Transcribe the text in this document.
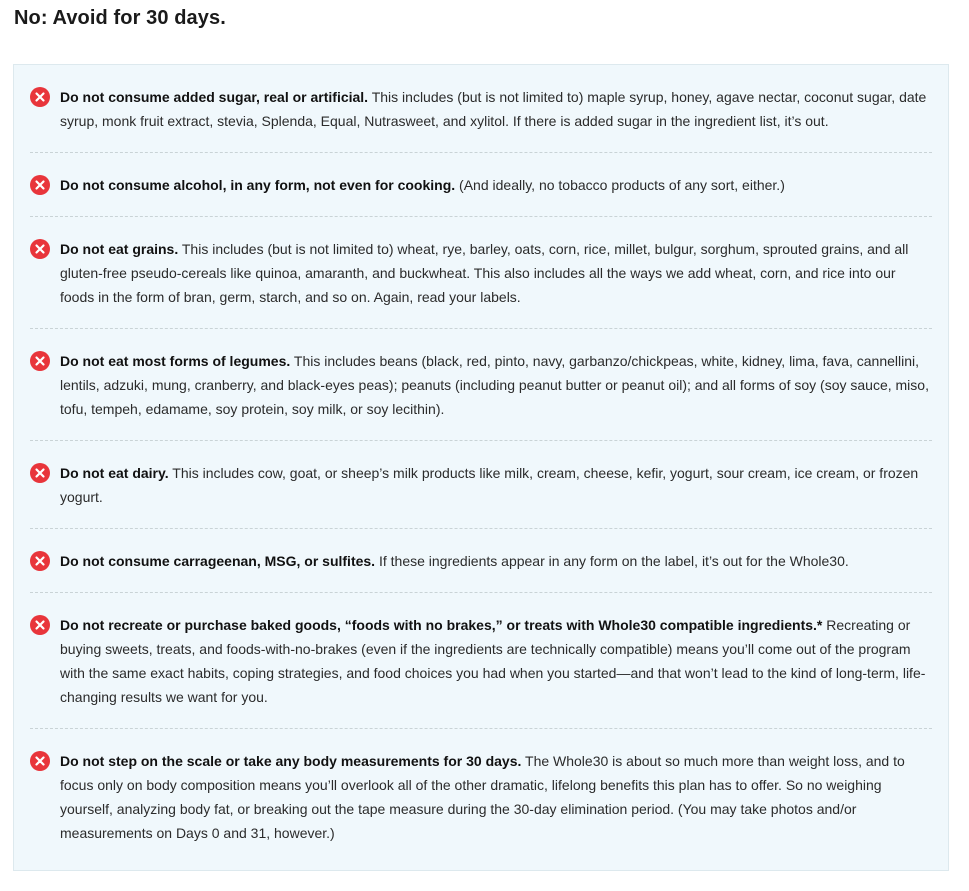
No: Avoid for 30 days.
Do not consume added sugar, real or artificial. This includes (but is not limited to) maple syrup, honey, agave nectar, coconut sugar, date syrup, monk fruit extract, stevia, Splenda, Equal, Nutrasweet, and xylitol. If there is added sugar in the ingredient list, it’s out.
Do not consume alcohol, in any form, not even for cooking. (And ideally, no tobacco products of any sort, either.)
Do not eat grains. This includes (but is not limited to) wheat, rye, barley, oats, corn, rice, millet, bulgur, sorghum, sprouted grains, and all gluten-free pseudo-cereals like quinoa, amaranth, and buckwheat. This also includes all the ways we add wheat, corn, and rice into our foods in the form of bran, germ, starch, and so on. Again, read your labels.
Do not eat most forms of legumes. This includes beans (black, red, pinto, navy, garbanzo/chickpeas, white, kidney, lima, fava, cannellini, lentils, adzuki, mung, cranberry, and black-eyes peas); peanuts (including peanut butter or peanut oil); and all forms of soy (soy sauce, miso, tofu, tempeh, edamame, soy protein, soy milk, or soy lecithin).
Do not eat dairy. This includes cow, goat, or sheep’s milk products like milk, cream, cheese, kefir, yogurt, sour cream, ice cream, or frozen yogurt.
Do not consume carrageenan, MSG, or sulfites. If these ingredients appear in any form on the label, it’s out for the Whole30.
Do not recreate or purchase baked goods, “foods with no brakes,” or treats with Whole30 compatible ingredients.* Recreating or buying sweets, treats, and foods-with-no-brakes (even if the ingredients are technically compatible) means you’ll come out of the program with the same exact habits, coping strategies, and food choices you had when you started—and that won’t lead to the kind of long-term, life-changing results we want for you.
Do not step on the scale or take any body measurements for 30 days. The Whole30 is about so much more than weight loss, and to focus only on body composition means you’ll overlook all of the other dramatic, lifelong benefits this plan has to offer. So no weighing yourself, analyzing body fat, or breaking out the tape measure during the 30-day elimination period. (You may take photos and/or measurements on Days 0 and 31, however.)
